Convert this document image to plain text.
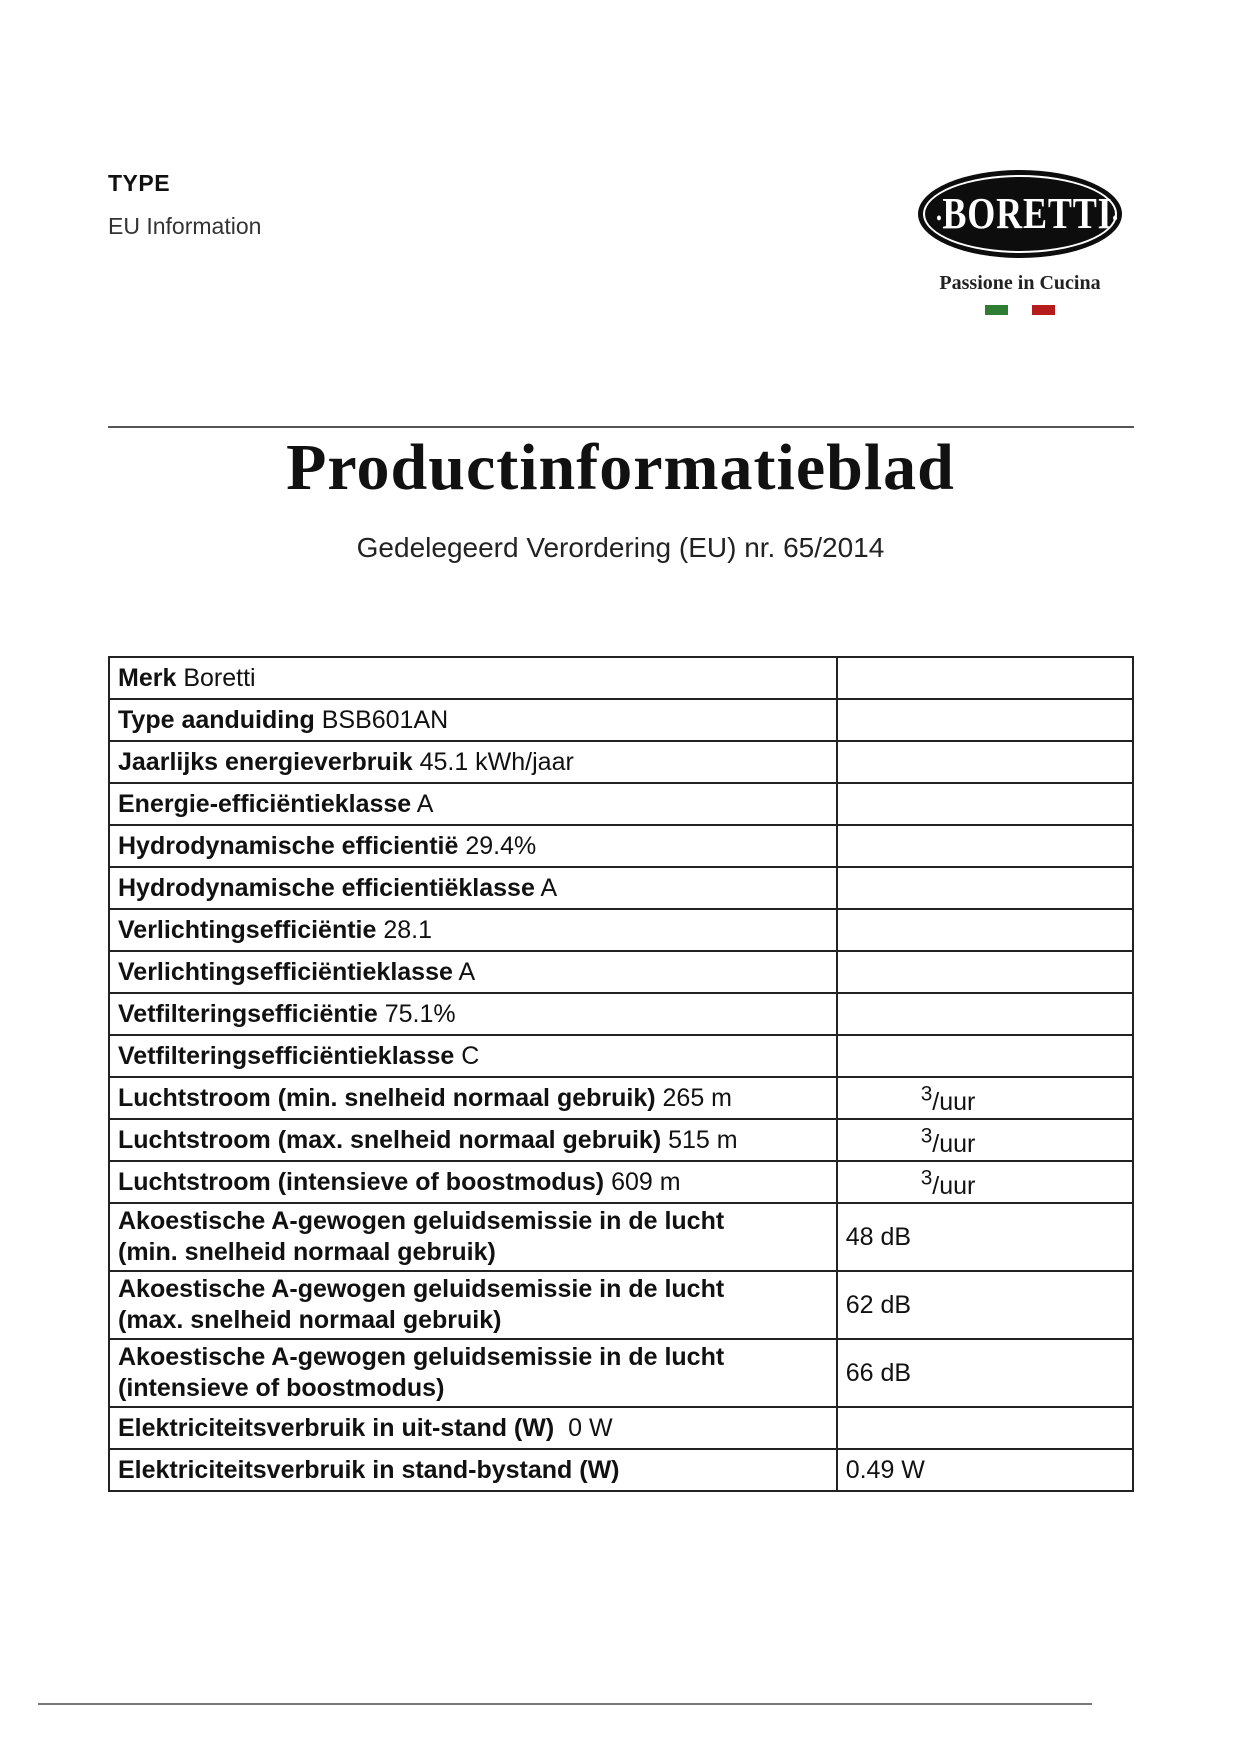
TYPE
EU Information	•BORETTI•
Passione in Cucina
Productinformatieblad
Gedelegeerd Verordering (EU) nr. 65/2014
Merk Boretti	
Type aanduiding BSB601AN	
Jaarlijks energieverbruik 45.1 kWh/jaar	
Energie-efficiëntieklasse A	
Hydrodynamische efficientië 29.4%	
Hydrodynamische efficientiëklasse A	
Verlichtingsefficiëntie 28.1	
Verlichtingsefficiëntieklasse A	
Vetfilteringsefficiëntie 75.1%	
Vetfilteringsefficiëntieklasse C	
Luchtstroom (min. snelheid normaal gebruik) 265 m	$^3$/uur
Luchtstroom (max. snelheid normaal gebruik) 515 m	$^3$/uur
Luchtstroom (intensieve of boostmodus) 609 m	$^3$/uur
Akoestische A-gewogen geluidsemissie in de lucht
(min. snelheid normaal gebruik)	48 dB
Akoestische A-gewogen geluidsemissie in de lucht
(max. snelheid normaal gebruik)	62 dB
Akoestische A-gewogen geluidsemissie in de lucht
(intensieve of boostmodus)	66 dB
Elektriciteitsverbruik in uit-stand (W) 0 W	
Elektriciteitsverbruik in stand-bystand (W)	0.49 W
